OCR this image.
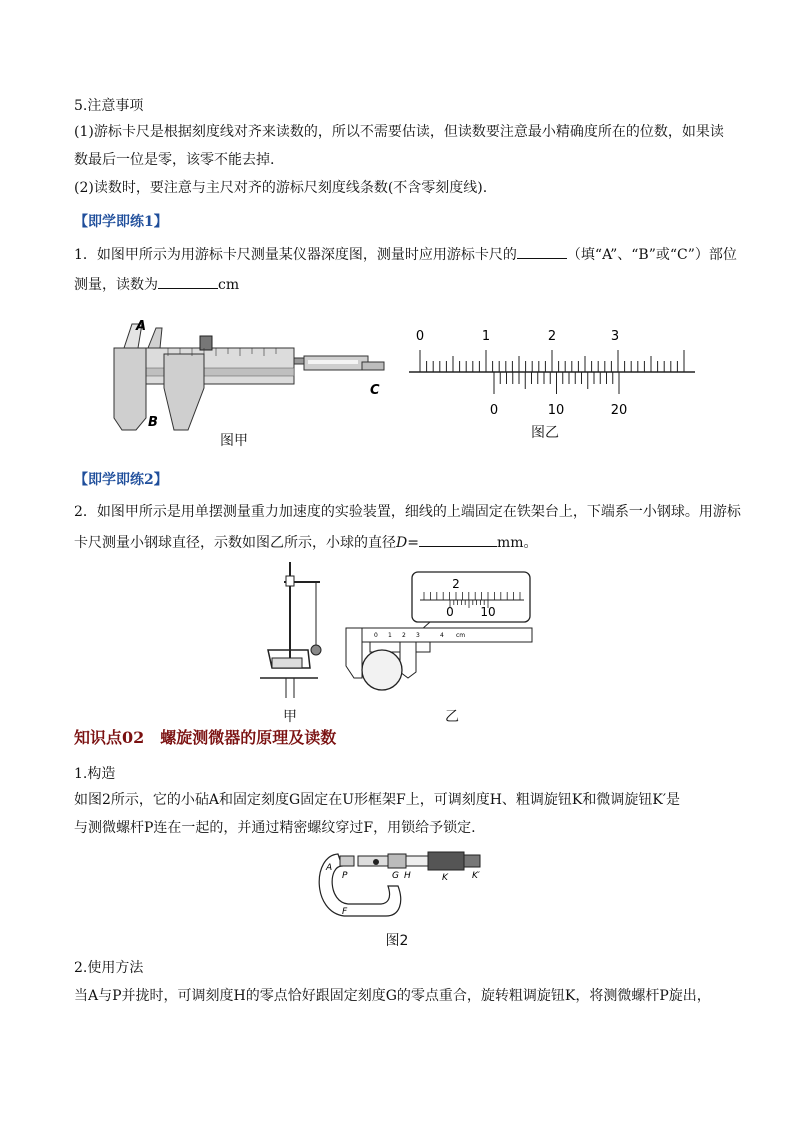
5.注意事项
(1)游标卡尺是根据刻度线对齐来读数的，所以不需要估读，但读数要注意最小精确度所在的位数，如果读
数最后一位是零，该零不能去掉.
(2)读数时，要注意与主尺对齐的游标尺刻度线条数(不含零刻度线).
【即学即练1】
1．如图甲所示为用游标卡尺测量某仪器深度图，测量时应用游标卡尺的	（填“A”、“B”或“C”）部位
测量，读数为	cm
A
B
C
图甲
0	1	2	3
0	10	20
图乙
【即学即练2】
2．如图甲所示是用单摆测量重力加速度的实验装置，细线的上端固定在铁架台上，下端系一小钢球。用游标
卡尺测量小钢球直径，示数如图乙所示，小球的直径D=	mm。
甲
2
0 10
0 1 2 3	4 cm
乙
知识点02　螺旋测微器的原理及读数
1.构造
如图2所示，它的小砧A和固定刻度G固定在U形框架F上，可调刻度H、粗调旋钮K和微调旋钮K′是
与测微螺杆P连在一起的，并通过精密螺纹穿过F，用锁给予锁定.
A
P	G H	K	K′
F
图2
2.使用方法
当A与P并拢时，可调刻度H的零点恰好跟固定刻度G的零点重合，旋转粗调旋钮K，将测微螺杆P旋出，
